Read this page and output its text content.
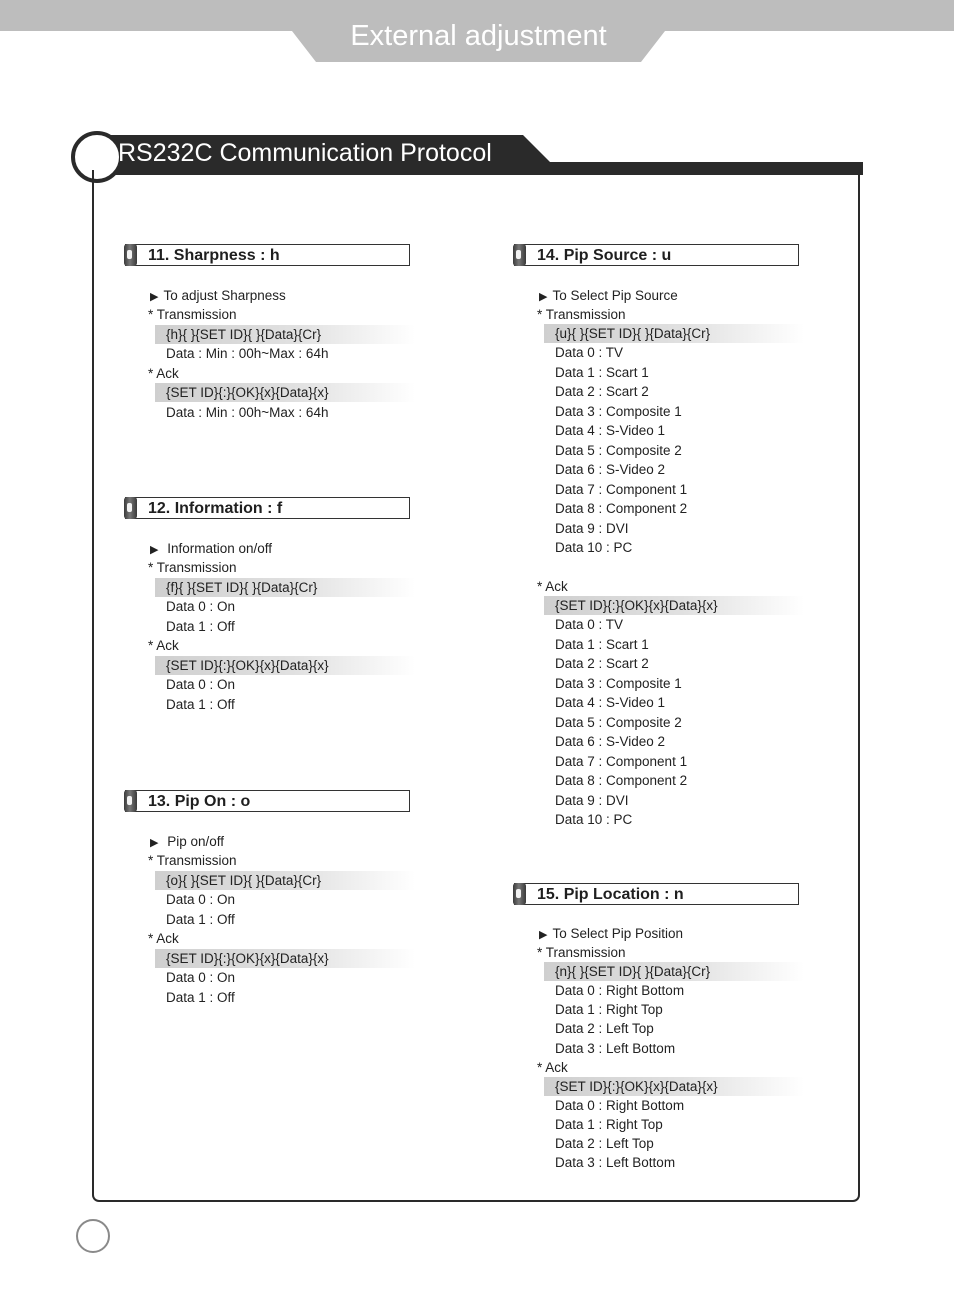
External adjustment
RS232C Communication Protocol
11. Sharpness : h
▶ To adjust Sharpness
* Transmission
{h}{ }{SET ID}{ }{Data}{Cr}
Data : Min : 00h~Max : 64h
* Ack
{SET ID}{:}{OK}{x}{Data}{x}
Data : Min : 00h~Max : 64h
12. Information : f
▶ Information on/off
* Transmission
{f}{ }{SET ID}{ }{Data}{Cr}
Data 0 : On
Data 1 : Off
* Ack
{SET ID}{:}{OK}{x}{Data}{x}
Data 0 : On
Data 1 : Off
13. Pip On : o
▶ Pip on/off
* Transmission
{o}{ }{SET ID}{ }{Data}{Cr}
Data 0 : On
Data 1 : Off
* Ack
{SET ID}{:}{OK}{x}{Data}{x}
Data 0 : On
Data 1 : Off
14. Pip Source : u
▶ To Select Pip Source
* Transmission
{u}{ }{SET ID}{ }{Data}{Cr}
Data 0 : TV
Data 1 : Scart 1
Data 2 : Scart 2
Data 3 : Composite 1
Data 4 : S-Video 1
Data 5 : Composite 2
Data 6 : S-Video 2
Data 7 : Component 1
Data 8 : Component 2
Data 9 : DVI
Data 10 : PC
* Ack
{SET ID}{:}{OK}{x}{Data}{x}
Data 0 : TV
Data 1 : Scart 1
Data 2 : Scart 2
Data 3 : Composite 1
Data 4 : S-Video 1
Data 5 : Composite 2
Data 6 : S-Video 2
Data 7 : Component 1
Data 8 : Component 2
Data 9 : DVI
Data 10 : PC
15. Pip Location : n
▶ To Select Pip Position
* Transmission
{n}{ }{SET ID}{ }{Data}{Cr}
Data 0 : Right Bottom
Data 1 : Right Top
Data 2 : Left Top
Data 3 : Left Bottom
* Ack
{SET ID}{:}{OK}{x}{Data}{x}
Data 0 : Right Bottom
Data 1 : Right Top
Data 2 : Left Top
Data 3 : Left Bottom
